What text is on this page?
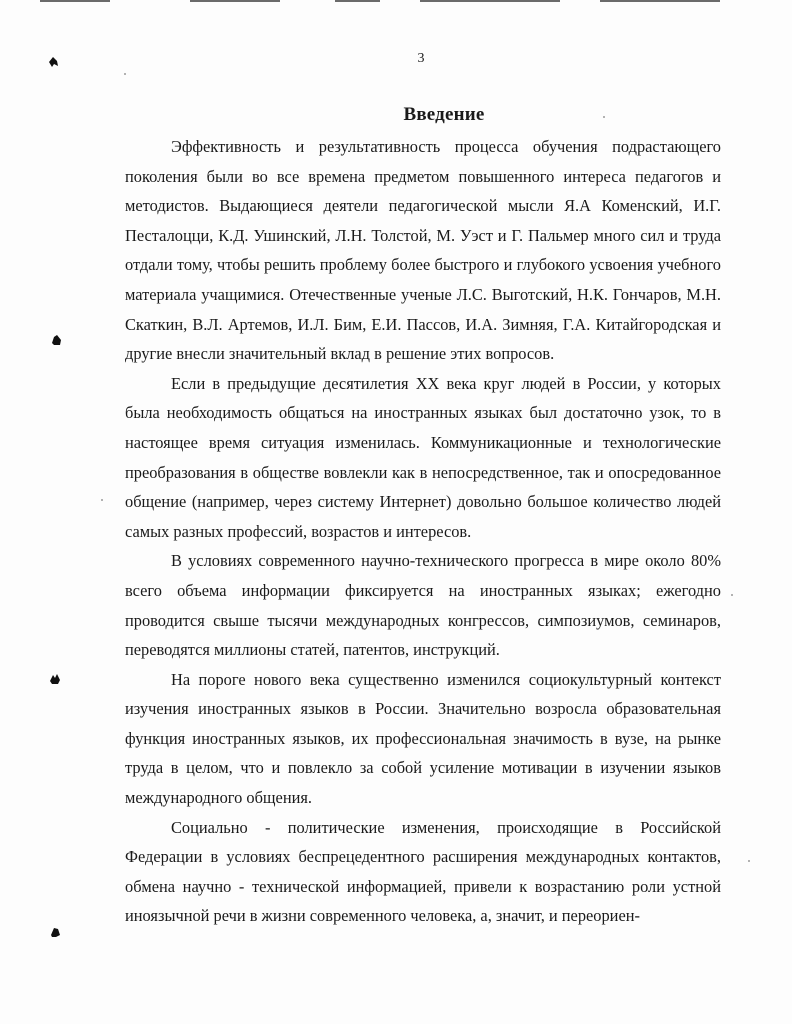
3
Введение

Эффективность и результативность процесса обучения подрастающего поколения были во все времена предметом повышенного интереса педагогов и методистов. Выдающиеся деятели педагогической мысли Я.А Коменский, И.Г. Песталоцци, К.Д. Ушинский, Л.Н. Толстой, М. Уэст и Г. Пальмер много сил и труда отдали тому, чтобы решить проблему более быстрого и глубокого усвоения учебного материала учащимися. Отечественные ученые Л.С. Выготский, Н.К. Гончаров, М.Н. Скаткин, В.Л. Артемов, И.Л. Бим, Е.И. Пассов, И.А. Зимняя, Г.А. Китайгородская и другие внесли значительный вклад в решение этих вопросов.

Если в предыдущие десятилетия XX века круг людей в России, у которых была необходимость общаться на иностранных языках был достаточно узок, то в настоящее время ситуация изменилась. Коммуникационные и технологические преобразования в обществе вовлекли как в непосредственное, так и опосредованное общение (например, через систему Интернет) довольно большое количество людей самых разных профессий, возрастов и интересов.

В условиях современного научно-технического прогресса в мире около 80% всего объема информации фиксируется на иностранных языках; ежегодно проводится свыше тысячи международных конгрессов, симпозиумов, семинаров, переводятся миллионы статей, патентов, инструкций.

На пороге нового века существенно изменился социокультурный контекст изучения иностранных языков в России. Значительно возросла образовательная функция иностранных языков, их профессиональная значимость в вузе, на рынке труда в целом, что и повлекло за собой усиление мотивации в изучении языков международного общения.

Социально - политические изменения, происходящие в Российской Федерации в условиях беспрецедентного расширения международных контактов, обмена научно - технической информацией, привели к возрастанию роли устной иноязычной речи в жизни современного человека, а, значит, и переориен-
